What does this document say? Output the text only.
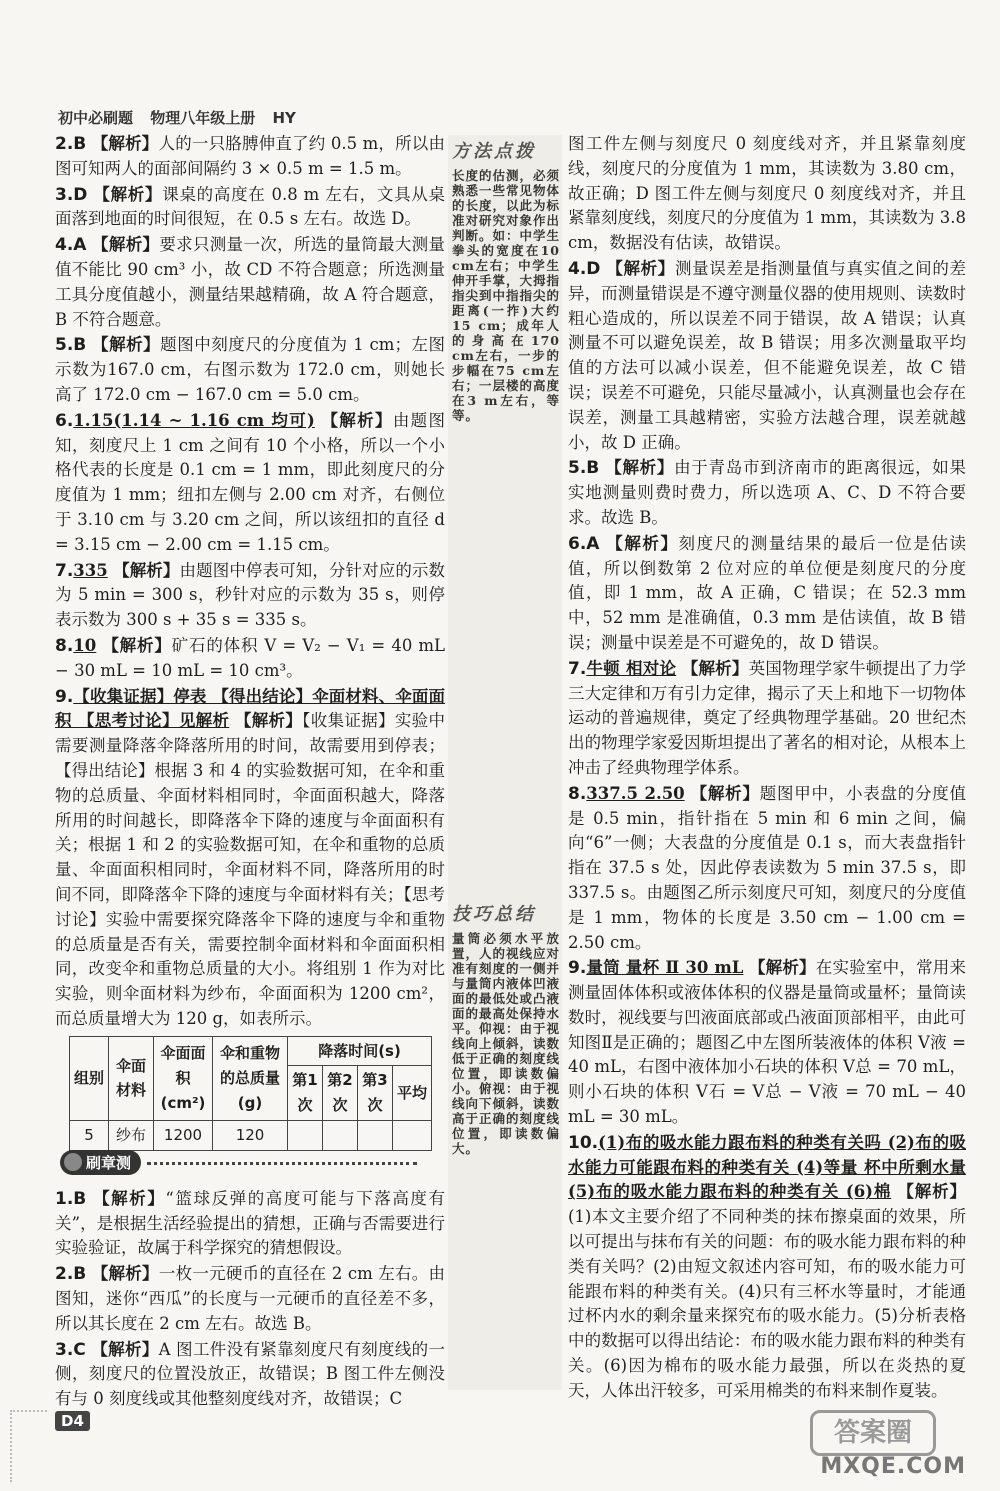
初中必刷题 物理八年级上册 HY

2.B 【解析】人的一只胳膊伸直了约 0.5 m，所以由图可知两人的面部间隔约 3 × 0.5 m = 1.5 m。

3.D 【解析】课桌的高度在 0.8 m 左右，文具从桌面落到地面的时间很短，在 0.5 s 左右。故选 D。

4.A 【解析】要求只测量一次，所选的量筒最大测量值不能比 90 cm³ 小，故 CD 不符合题意；所选测量工具分度值越小，测量结果越精确，故 A 符合题意，B 不符合题意。

5.B 【解析】题图中刻度尺的分度值为 1 cm；左图示数为167.0 cm，右图示数为 172.0 cm，则她长高了 172.0 cm − 167.0 cm = 5.0 cm。

6.1.15(1.14 ~ 1.16 cm 均可) 【解析】由题图知，刻度尺上 1 cm 之间有 10 个小格，所以一个小格代表的长度是 0.1 cm = 1 mm，即此刻度尺的分度值为 1 mm；纽扣左侧与 2.00 cm 对齐，右侧位于 3.10 cm 与 3.20 cm 之间，所以该纽扣的直径 d = 3.15 cm − 2.00 cm = 1.15 cm。

7.335 【解析】由题图中停表可知，分针对应的示数为 5 min = 300 s，秒针对应的示数为 35 s，则停表示数为 300 s + 35 s = 335 s。

8.10 【解析】矿石的体积 V = V₂ − V₁ = 40 mL − 30 mL = 10 mL = 10 cm³。

9.【收集证据】停表 【得出结论】伞面材料、伞面面积 【思考讨论】见解析 【解析】【收集证据】实验中需要测量降落伞降落所用的时间，故需要用到停表；【得出结论】根据 3 和 4 的实验数据可知，在伞和重物的总质量、伞面材料相同时，伞面面积越大，降落所用的时间越长，即降落伞下降的速度与伞面面积有关；根据 1 和 2 的实验数据可知，在伞和重物的总质量、伞面面积相同时，伞面材料不同，降落所用的时间不同，即降落伞下降的速度与伞面材料有关；【思考讨论】实验中需要探究降落伞下降的速度与伞和重物的总质量是否有关，需要控制伞面材料和伞面面积相同，改变伞和重物总质量的大小。将组别 1 作为对比实验，则伞面材料为纱布，伞面面积为 1200 cm²，而总质量增大为 120 g，如表所示。

组别	伞面材料	伞面面积(cm²)	伞和重物的总质量(g)	降落时间(s)			
				第1次	第2次	第3次	平均
5	纱布	1200	120				

1.B 【解析】“篮球反弹的高度可能与下落高度有关”，是根据生活经验提出的猜想，正确与否需要进行实验验证，故属于科学探究的猜想假设。

2.B 【解析】一枚一元硬币的直径在 2 cm 左右。由图知，迷你“西瓜”的长度与一元硬币的直径差不多，所以其长度在 2 cm 左右。故选 B。

3.C 【解析】A 图工件没有紧靠刻度尺有刻度线的一侧，刻度尺的位置没放正，故错误；B 图工件左侧没有与 0 刻度线或其他整刻度线对齐，故错误；C

刷章测
方法点拨
长度的估测，必须熟悉一些常见物体的长度，以此为标准对研究对象作出判断。如：中学生拳头的宽度在10 cm左右；中学生伸开手掌，大拇指指尖到中指指尖的距离(一拃)大约15 cm；成年人的身高在170 cm左右，一步的步幅在75 cm左右；一层楼的高度在3 m左右，等等。
技巧总结
量筒必须水平放置，人的视线应对准有刻度的一侧并与量筒内液体凹液面的最低处或凸液面的最高处保持水平。仰视：由于视线向上倾斜，读数低于正确的刻度线位置，即读数偏小。俯视：由于视线向下倾斜，读数高于正确的刻度线位置，即读数偏大。

图工件左侧与刻度尺 0 刻度线对齐，并且紧靠刻度线，刻度尺的分度值为 1 mm，其读数为 3.80 cm，故正确；D 图工件左侧与刻度尺 0 刻度线对齐，并且紧靠刻度线，刻度尺的分度值为 1 mm，其读数为 3.8 cm，数据没有估读，故错误。

4.D 【解析】测量误差是指测量值与真实值之间的差异，而测量错误是不遵守测量仪器的使用规则、读数时粗心造成的，所以误差不同于错误，故 A 错误；认真测量不可以避免误差，故 B 错误；用多次测量取平均值的方法可以减小误差，但不能避免误差，故 C 错误；误差不可避免，只能尽量减小，认真测量也会存在误差，测量工具越精密，实验方法越合理，误差就越小，故 D 正确。

5.B 【解析】由于青岛市到济南市的距离很远，如果实地测量则费时费力，所以选项 A、C、D 不符合要求。故选 B。

6.A 【解析】刻度尺的测量结果的最后一位是估读值，所以倒数第 2 位对应的单位便是刻度尺的分度值，即 1 mm，故 A 正确，C 错误；在 52.3 mm 中，52 mm 是准确值，0.3 mm 是估读值，故 B 错误；测量中误差是不可避免的，故 D 错误。

7.牛顿 相对论 【解析】英国物理学家牛顿提出了力学三大定律和万有引力定律，揭示了天上和地下一切物体运动的普遍规律，奠定了经典物理学基础。20 世纪杰出的物理学家爱因斯坦提出了著名的相对论，从根本上冲击了经典物理学体系。

8.337.5 2.50 【解析】题图甲中，小表盘的分度值是 0.5 min，指针指在 5 min 和 6 min 之间，偏向“6”一侧；大表盘的分度值是 0.1 s，而大表盘指针指在 37.5 s 处，因此停表读数为 5 min 37.5 s，即 337.5 s。由题图乙所示刻度尺可知，刻度尺的分度值是 1 mm，物体的长度是 3.50 cm − 1.00 cm = 2.50 cm。

9.量筒 量杯 Ⅱ 30 mL 【解析】在实验室中，常用来测量固体体积或液体体积的仪器是量筒或量杯；量筒读数时，视线要与凹液面底部或凸液面顶部相平，由此可知图Ⅱ是正确的；题图乙中左图所装液体的体积 V液 = 40 mL，右图中液体加小石块的体积 V总 = 70 mL，则小石块的体积 V石 = V总 − V液 = 70 mL − 40 mL = 30 mL。

10.(1)布的吸水能力跟布料的种类有关吗 (2)布的吸水能力可能跟布料的种类有关 (4)等量 杯中所剩水量 (5)布的吸水能力跟布料的种类有关 (6)棉 【解析】(1)本文主要介绍了不同种类的抹布擦桌面的效果，所以可提出与抹布有关的问题：布的吸水能力跟布料的种类有关吗？(2)由短文叙述内容可知，布的吸水能力可能跟布料的种类有关。(4)只有三杯水等量时，才能通过杯内水的剩余量来探究布的吸水能力。(5)分析表格中的数据可以得出结论：布的吸水能力跟布料的种类有关。(6)因为棉布的吸水能力最强，所以在炎热的夏天，人体出汗较多，可采用棉类的布料来制作夏装。

D4	答案圈
MXQE.COM
